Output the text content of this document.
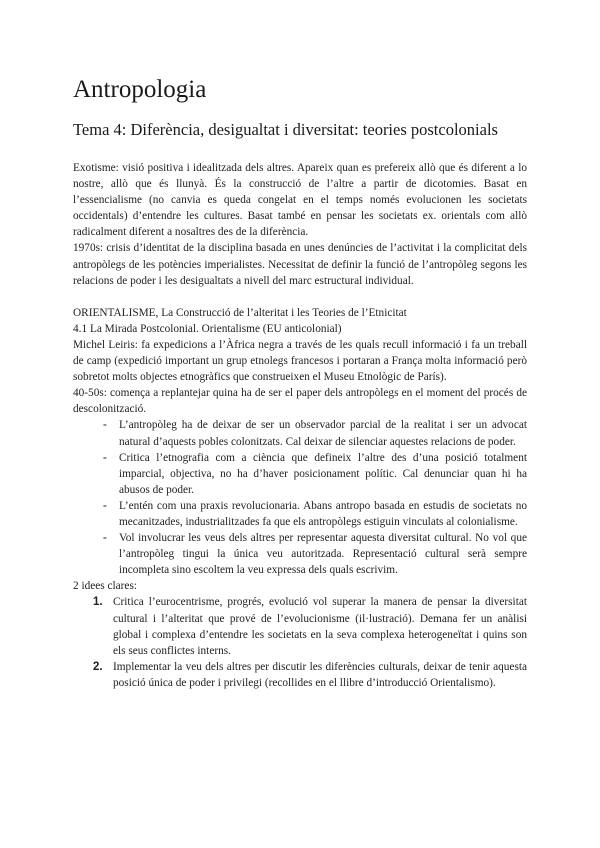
Antropologia
Tema 4: Diferència, desigualtat i diversitat: teories postcolonials

Exotisme: visió positiva i idealitzada dels altres. Apareix quan es prefereix allò que és diferent a lo nostre, allò que és llunyà. És la construcció de l’altre a partir de dicotomies. Basat en l’essencialisme (no canvia es queda congelat en el temps només evolucionen les societats occidentals) d’entendre les cultures. Basat també en pensar les societats ex. orientals com allò radicalment diferent a nosaltres des de la diferència.

1970s: crisis d’identitat de la disciplina basada en unes denúncies de l’activitat i la complicitat dels antropòlegs de les potències imperialistes. Necessitat de definir la funció de l’antropòleg segons les relacions de poder i les desigualtats a nivell del marc estructural individual.

ORIENTALISME, La Construcció de l’alteritat i les Teories de l’Etnicitat

4.1 La Mirada Postcolonial. Orientalisme (EU anticolonial)

Michel Leiris: fa expedicions a l’Àfrica negra a través de les quals recull informació i fa un treball de camp (expedició important un grup etnolegs francesos i portaran a França molta informació però sobretot molts objectes etnogràfics que construeixen el Museu Etnològic de París).

40-50s: comença a replantejar quina ha de ser el paper dels antropòlegs en el moment del procés de descolonització.

-	L’antropòleg ha de deixar de ser un observador parcial de la realitat i ser un advocat natural d’aquests pobles colonitzats. Cal deixar de silenciar aquestes relacions de poder.
-	Critica l’etnografia com a ciència que defineix l’altre des d’una posició totalment imparcial, objectiva, no ha d’haver posicionament polític. Cal denunciar quan hi ha abusos de poder.
-	L’entén com una praxis revolucionaria. Abans antropo basada en estudis de societats no mecanitzades, industrialitzades fa que els antropòlegs estiguin vinculats al colonialisme.
-	Vol involucrar les veus dels altres per representar aquesta diversitat cultural. No vol que l’antropòleg tingui la única veu autoritzada. Representació cultural serà sempre incompleta sino escoltem la veu expressa dels quals escrivim.

2 idees clares:

1. Critica l’eurocentrisme, progrés, evolució vol superar la manera de pensar la diversitat cultural i l’alteritat que prové de l’evolucionisme (il·lustració). Demana fer un anàlisi global i complexa d’entendre les societats en la seva complexa heterogeneïtat i quins son els seus conflictes interns.
2. Implementar la veu dels altres per discutir les diferències culturals, deixar de tenir aquesta posició única de poder i privilegi (recollides en el llibre d’introducció Orientalismo).
